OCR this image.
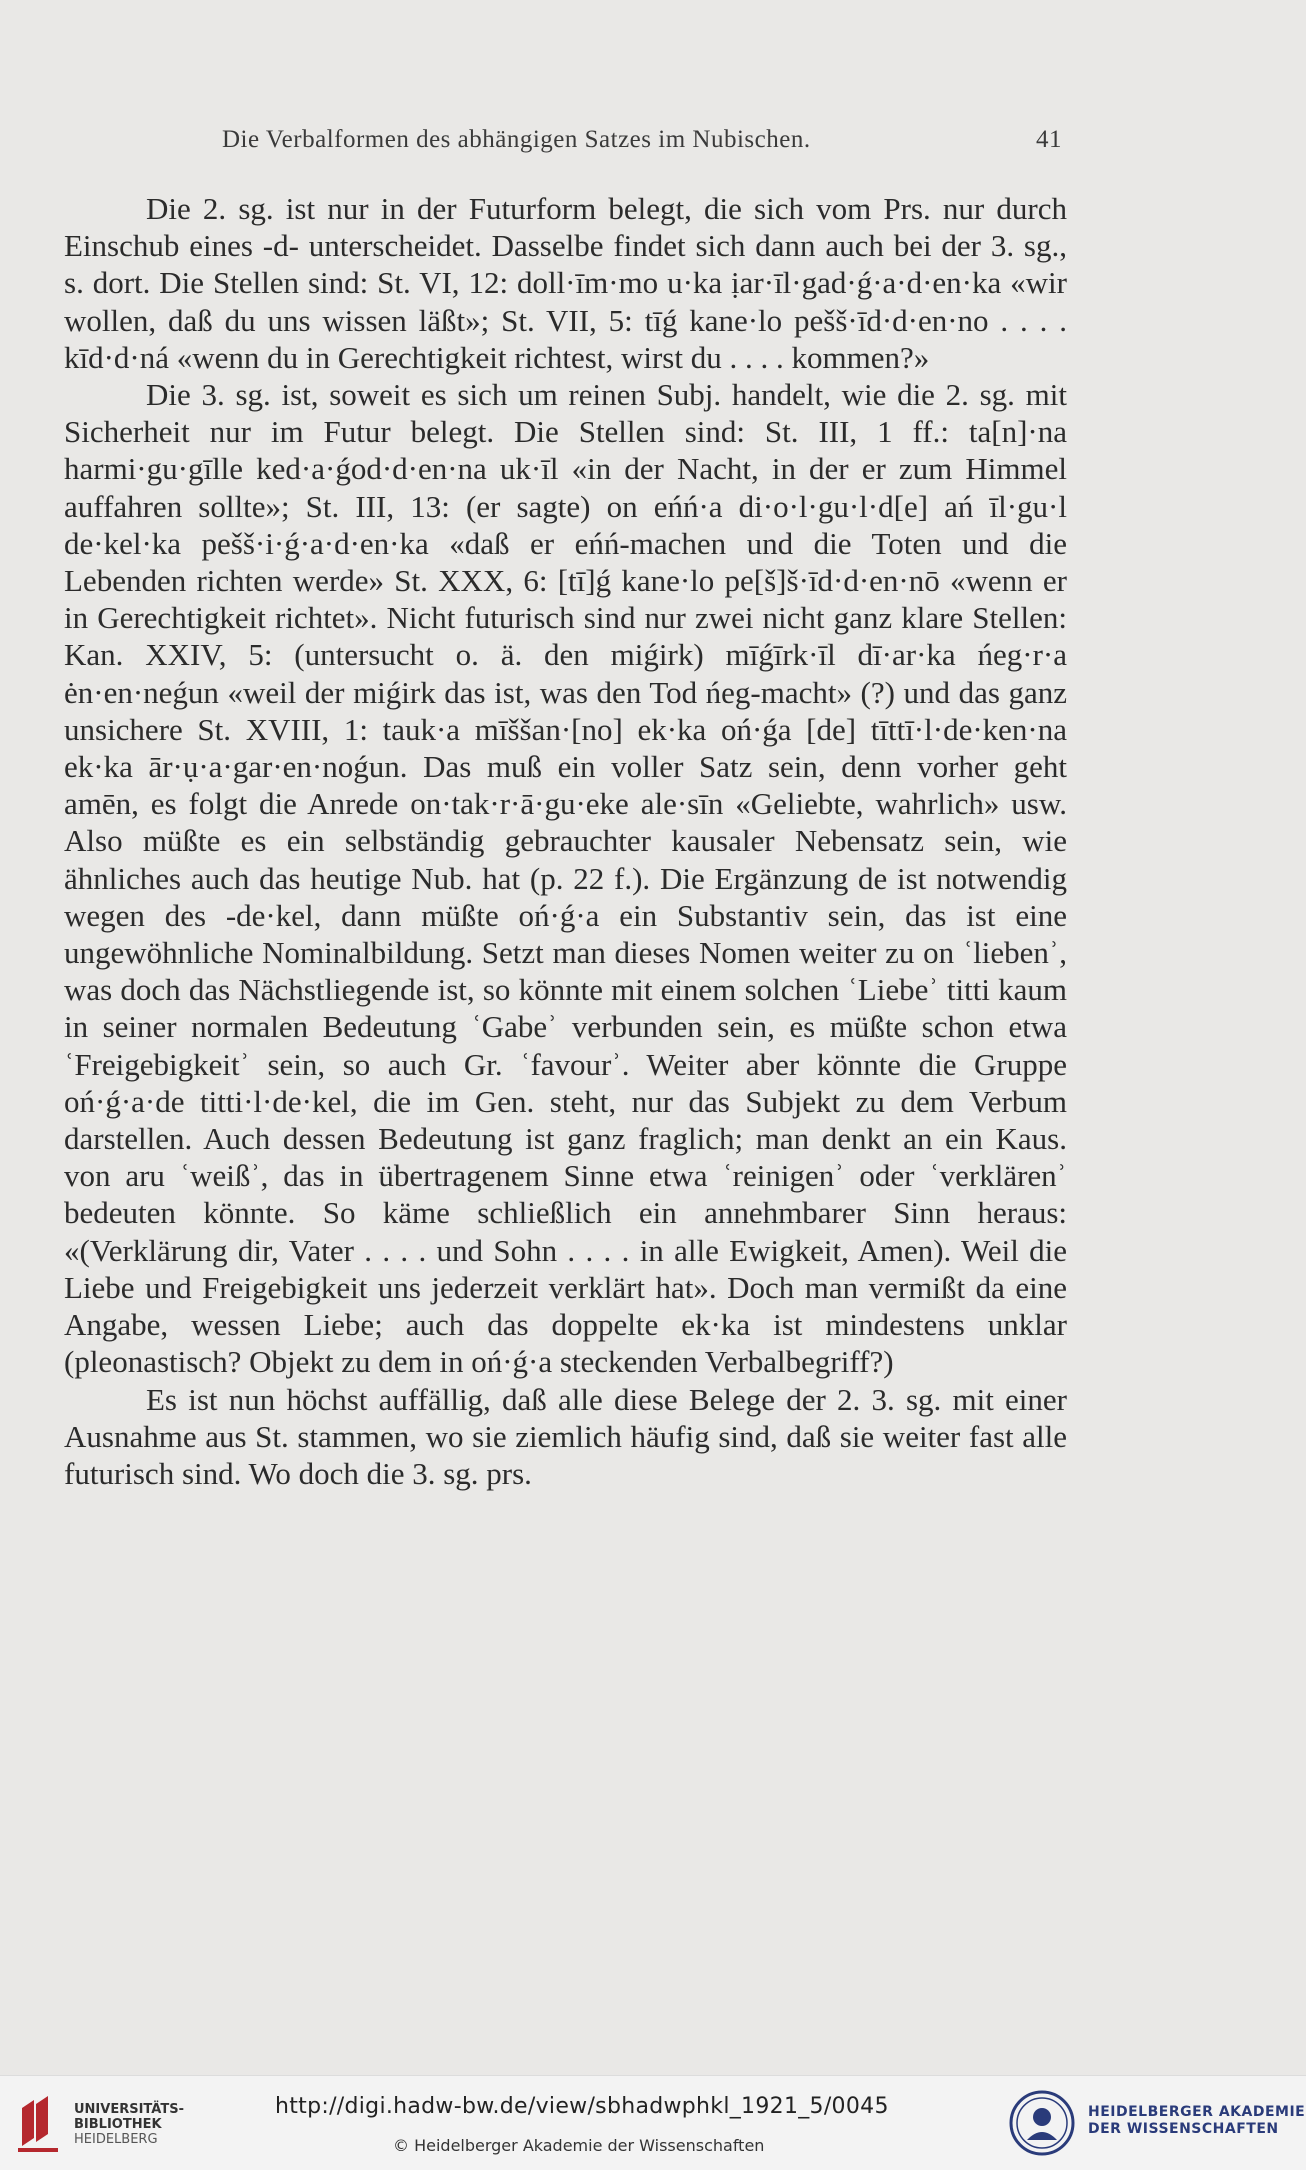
Die Verbalformen des abhängigen Satzes im Nubischen.	41

Die 2. sg. ist nur in der Futurform belegt, die sich vom Prs. nur durch Einschub eines -d- unterscheidet. Dasselbe findet sich dann auch bei der 3. sg., s. dort. Die Stellen sind: St. VI, 12: doll·īm·mo u·ka ịar·īl·gad·ǵ·a·d·en·ka «wir wollen, daß du uns wissen läßt»; St. VII, 5: tīǵ kane·lo pešš·īd·d·en·no . . . . kīd·d·ná «wenn du in Gerechtigkeit richtest, wirst du . . . . kommen?»

Die 3. sg. ist, soweit es sich um reinen Subj. handelt, wie die 2. sg. mit Sicherheit nur im Futur belegt. Die Stellen sind: St. III, 1 ff.: ta[n]·na harmi·gu·gīlle ked·a·ǵod·d·en·na uk·īl «in der Nacht, in der er zum Himmel auffahren sollte»; St. III, 13: (er sagte) on eńń·a di·o·l·gu·l·d[e] ań īl·gu·l de·kel·ka pešš·i·ǵ·a·d·en·ka «daß er eńń-machen und die Toten und die Lebenden richten werde» St. XXX, 6: [tī]ǵ kane·lo pe[š]š·īd·d·en·nō «wenn er in Gerechtigkeit richtet». Nicht futurisch sind nur zwei nicht ganz klare Stellen: Kan. XXIV, 5: (untersucht o. ä. den miǵirk) mīǵīrk·īl dī·ar·ka ńeg·r·a ėn·en·neǵun «weil der miǵirk das ist, was den Tod ńeg-macht» (?) und das ganz unsichere St. XVIII, 1: tauk·a mīššan·[no] ek·ka oń·ǵa [de] tīttī·l·de·ken·na ek·ka ār·ụ·a·gar·en·noǵun. Das muß ein voller Satz sein, denn vorher geht amēn, es folgt die Anrede on·tak·r·ā·gu·eke ale·sīn «Geliebte, wahrlich» usw. Also müßte es ein selbständig gebrauchter kausaler Nebensatz sein, wie ähnliches auch das heutige Nub. hat (p. 22 f.). Die Ergänzung de ist notwendig wegen des -de·kel, dann müßte oń·ǵ·a ein Substantiv sein, das ist eine ungewöhnliche Nominalbildung. Setzt man dieses Nomen weiter zu on ʿliebenʾ, was doch das Nächstliegende ist, so könnte mit einem solchen ʿLiebeʾ titti kaum in seiner normalen Bedeutung ʿGabeʾ verbunden sein, es müßte schon etwa ʿFreigebigkeitʾ sein, so auch Gr. ʿfavourʾ. Weiter aber könnte die Gruppe oń·ǵ·a·de titti·l·de·kel, die im Gen. steht, nur das Subjekt zu dem Verbum darstellen. Auch dessen Bedeutung ist ganz fraglich; man denkt an ein Kaus. von aru ʿweißʾ, das in übertragenem Sinne etwa ʿreinigenʾ oder ʿverklärenʾ bedeuten könnte. So käme schließlich ein annehmbarer Sinn heraus: «(Verklärung dir, Vater . . . . und Sohn . . . . in alle Ewigkeit, Amen). Weil die Liebe und Freigebigkeit uns jederzeit verklärt hat». Doch man vermißt da eine Angabe, wessen Liebe; auch das doppelte ek·ka ist mindestens unklar (pleonastisch? Objekt zu dem in oń·ǵ·a steckenden Verbalbegriff?)

Es ist nun höchst auffällig, daß alle diese Belege der 2. 3. sg. mit einer Ausnahme aus St. stammen, wo sie ziemlich häufig sind, daß sie weiter fast alle futurisch sind. Wo doch die 3. sg. prs.

UNIVERSITÄTS-
BIBLIOTHEK
HEIDELBERG
http://digi.hadw-bw.de/view/sbhadwphkl_1921_5/0045
© Heidelberger Akademie der Wissenschaften
HEIDELBERGER AKADEMIE
DER WISSENSCHAFTEN
